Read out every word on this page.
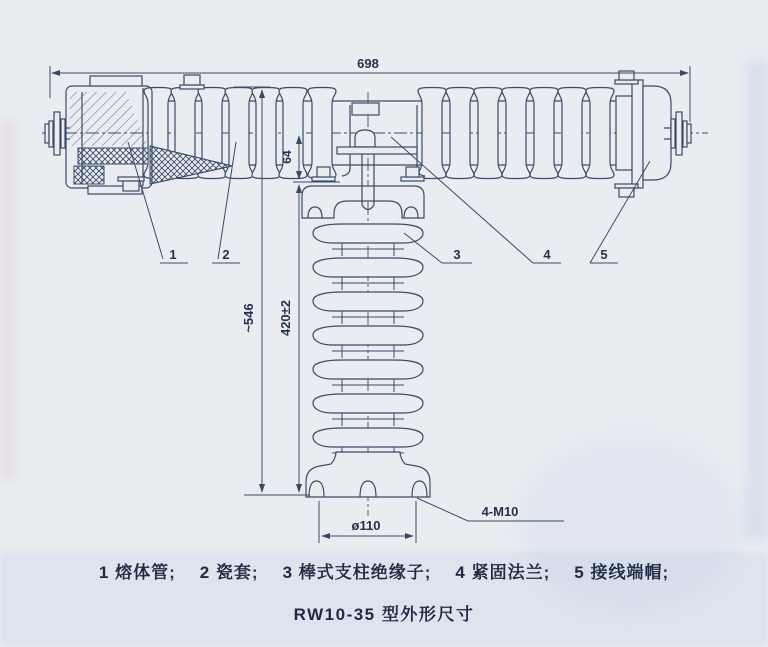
698
~546 420±2
64
ø110
4-M10
1	2	3	4	5
1 熔体管; 2 瓷套; 3 棒式支柱绝缘子; 4 紧固法兰; 5 接线端帽;
RW10-35 型外形尺寸
